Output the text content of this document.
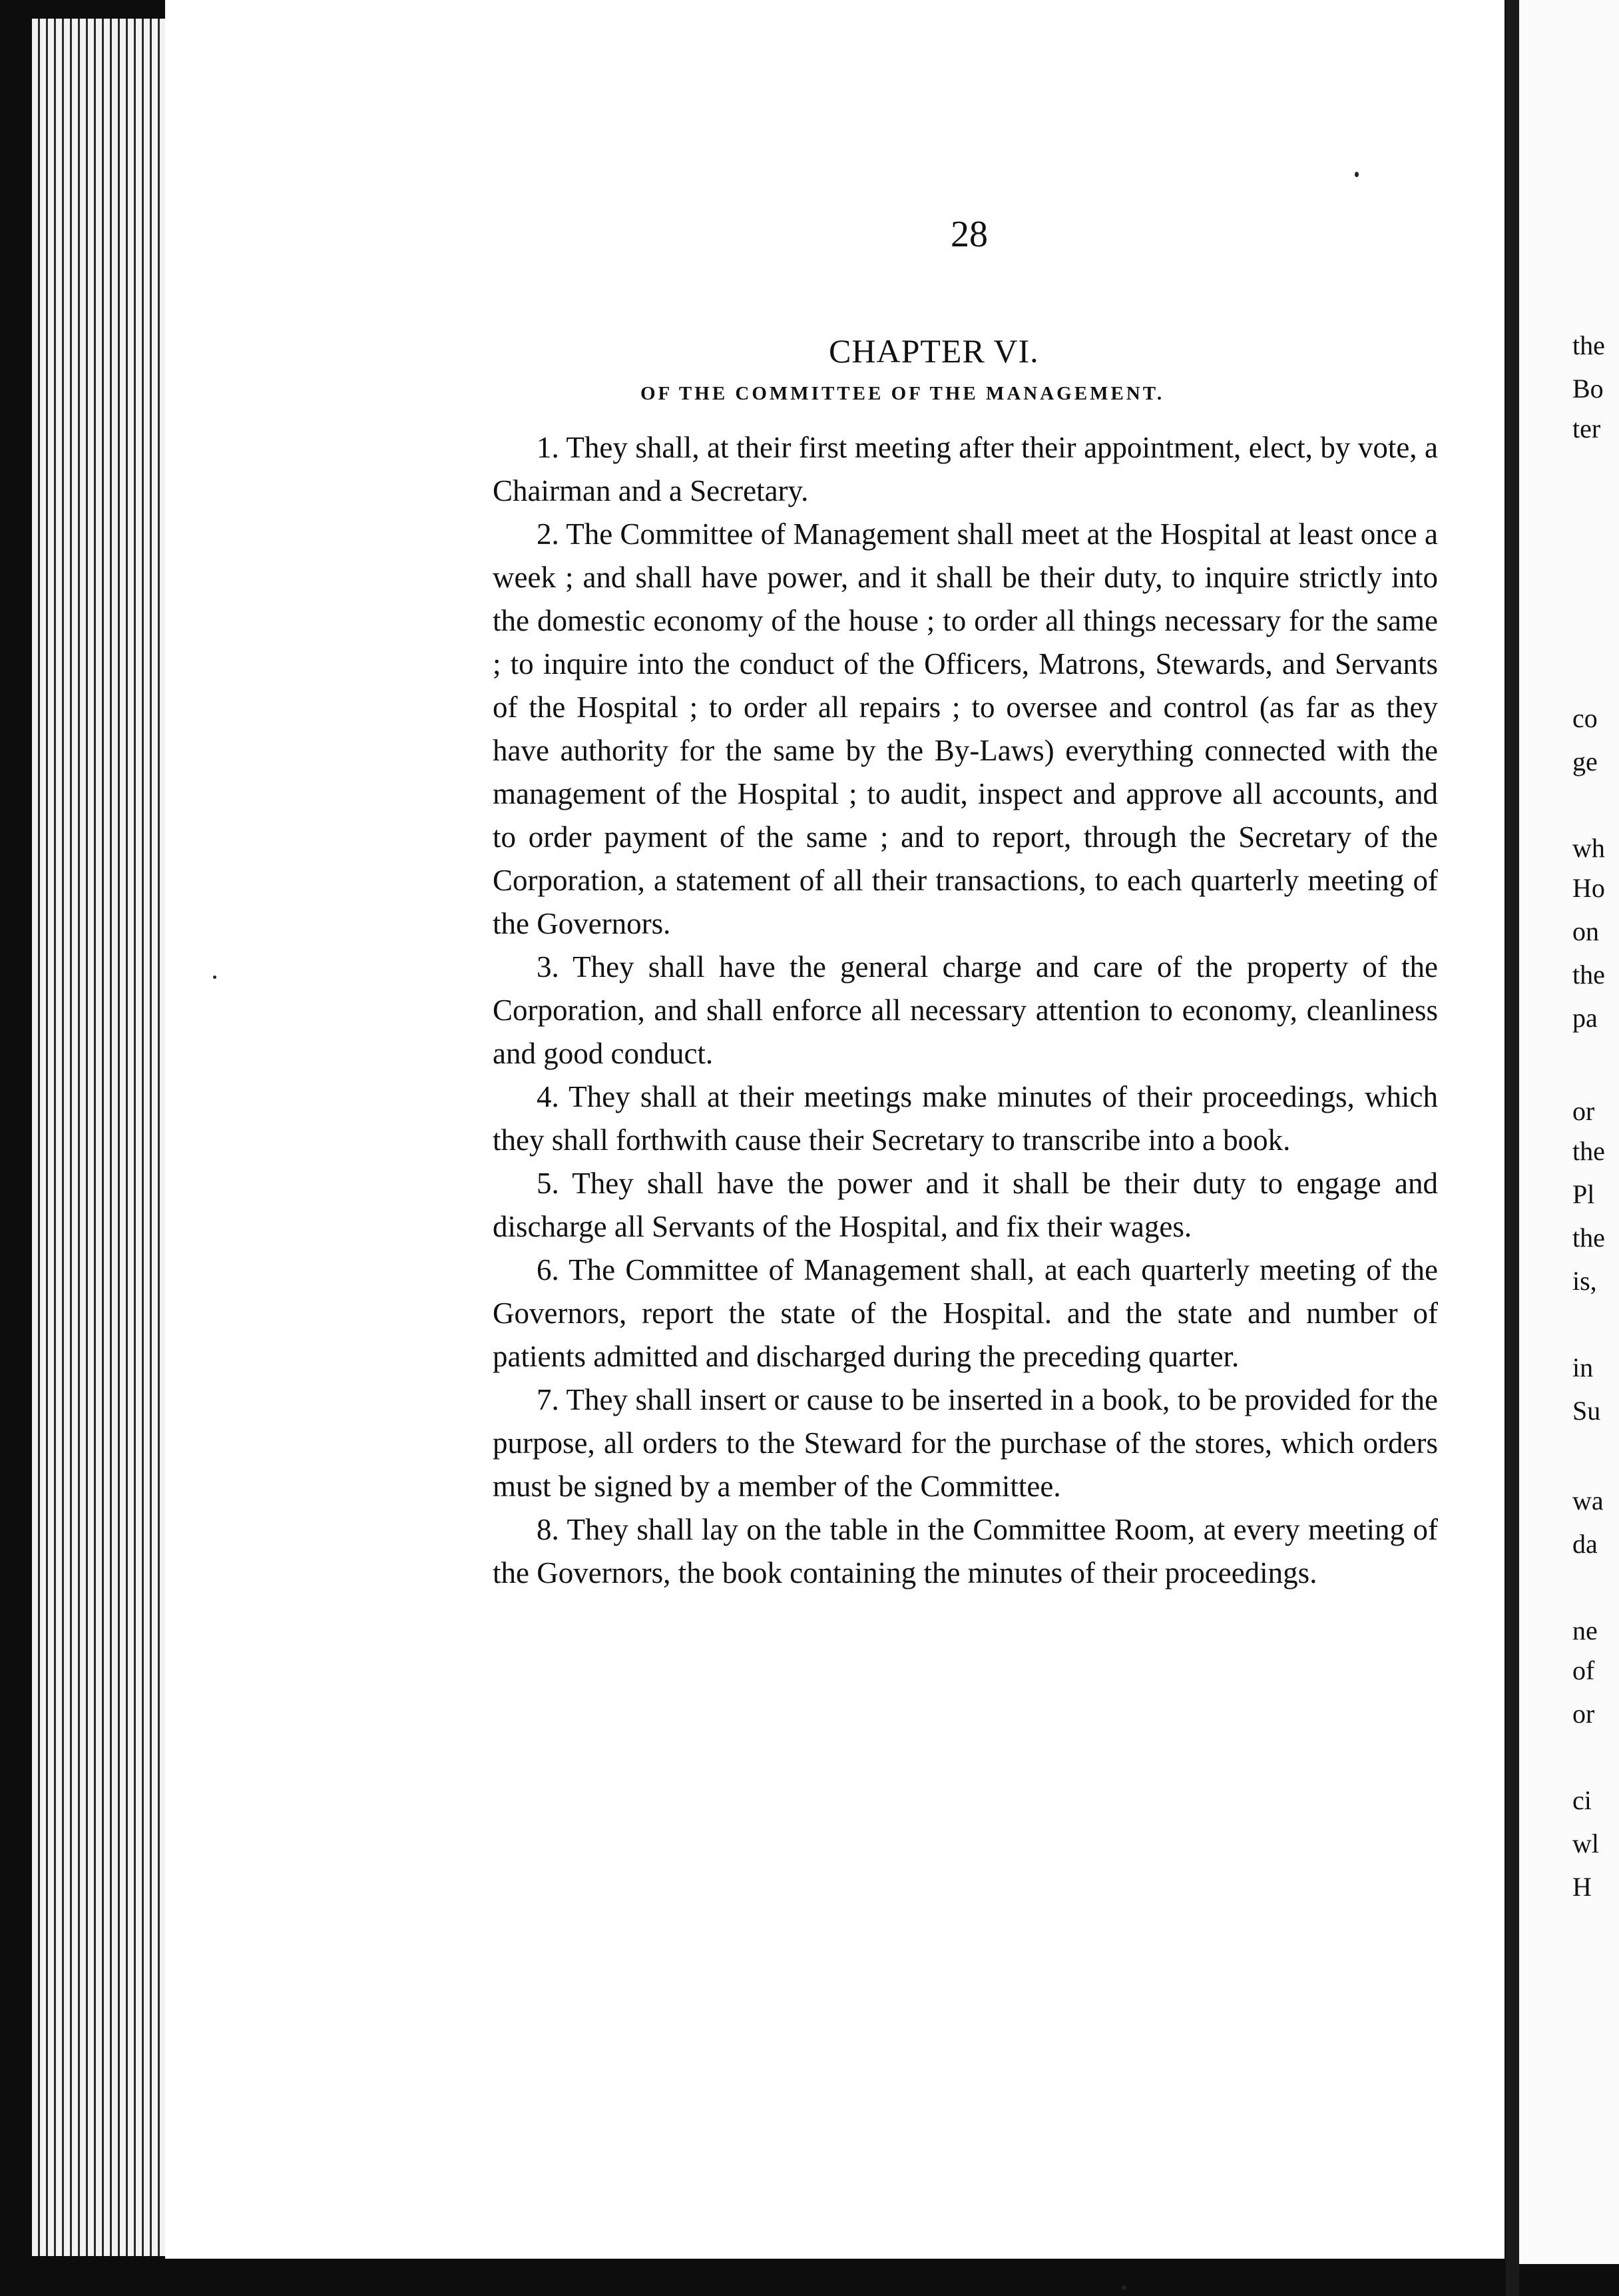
28
CHAPTER VI.
OF THE COMMITTEE OF THE MANAGEMENT.

1. They shall, at their first meeting after their appointment, elect, by vote, a Chairman and a Secretary.

2. The Committee of Management shall meet at the Hospital at least once a week ; and shall have power, and it shall be their duty, to inquire strictly into the domestic economy of the house ; to order all things necessary for the same ; to inquire into the conduct of the Officers, Matrons, Stewards, and Servants of the Hospital ; to order all repairs ; to oversee and control (as far as they have authority for the same by the By-Laws) everything connected with the management of the Hospital ; to audit, inspect and approve all accounts, and to order payment of the same ; and to report, through the Secretary of the Corporation, a statement of all their transactions, to each quarterly meeting of the Governors.

3. They shall have the general charge and care of the property of the Corporation, and shall enforce all necessary attention to economy, cleanliness and good conduct.

4. They shall at their meetings make minutes of their proceedings, which they shall forthwith cause their Secretary to transcribe into a book.

5. They shall have the power and it shall be their duty to engage and discharge all Servants of the Hospital, and fix their wages.

6. The Committee of Management shall, at each quarterly meeting of the Governors, report the state of the Hospital. and the state and number of patients admitted and discharged during the preceding quarter.

7. They shall insert or cause to be inserted in a book, to be provided for the purpose, all orders to the Steward for the purchase of the stores, which orders must be signed by a member of the Committee.

8. They shall lay on the table in the Committee Room, at every meeting of the Governors, the book containing the minutes of their proceedings.

the
Bo
ter
co
ge
wh
Ho
on
the
pa
or
the
Pl
the
is,
in
Su
wa
da
ne
of
or
ci
wl
H
